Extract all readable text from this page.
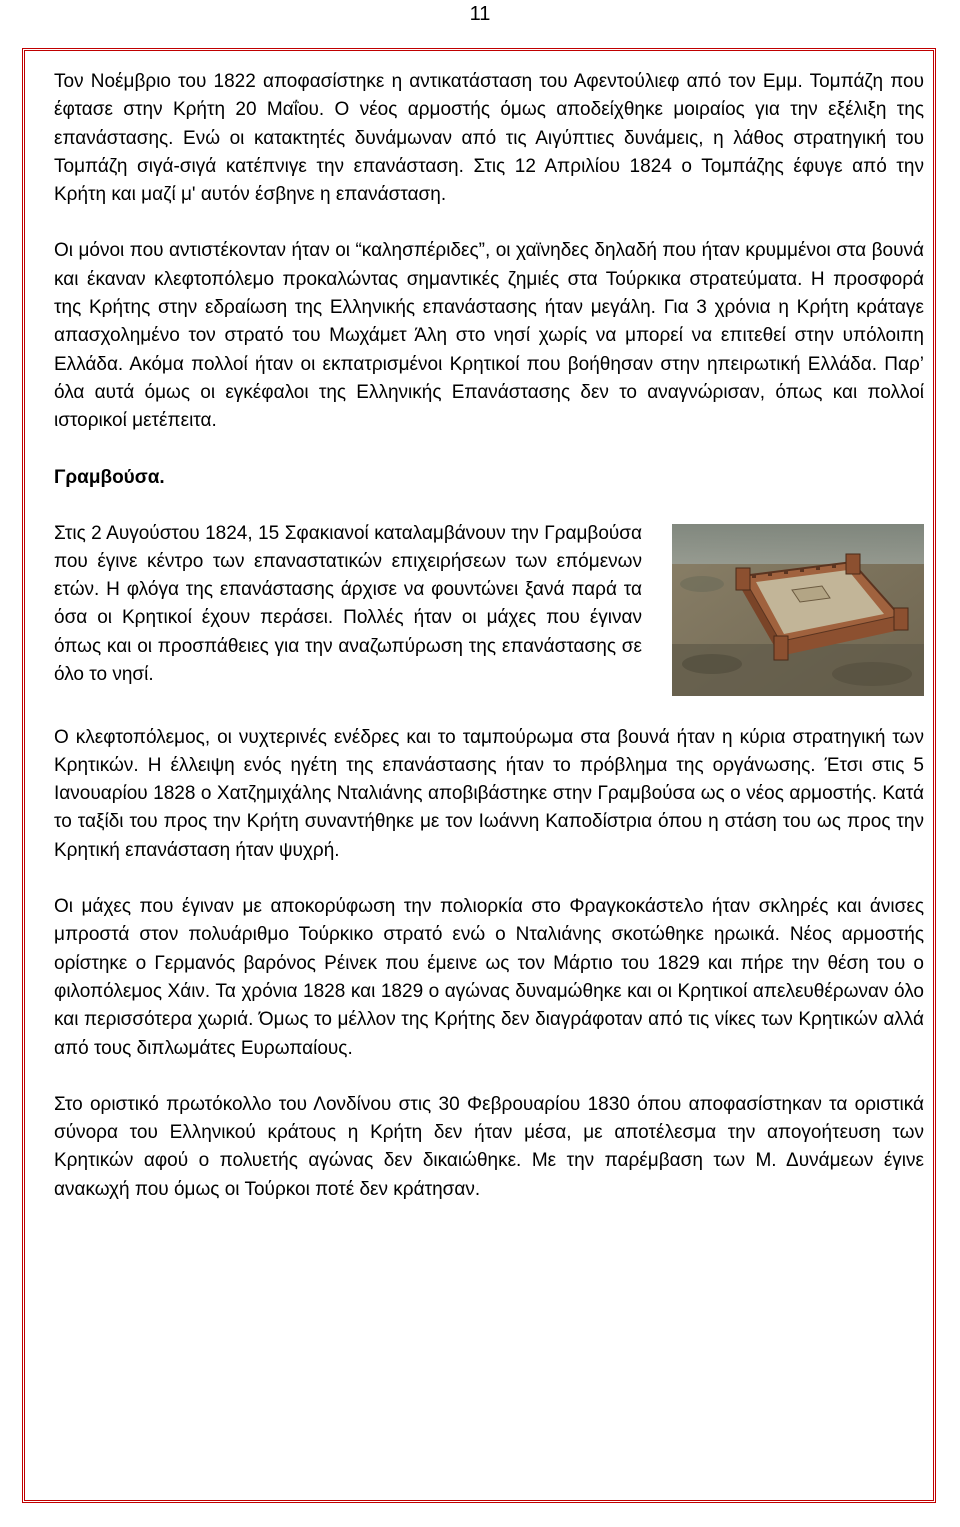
11

Τον Νοέμβριο του 1822 αποφασίστηκε η αντικατάσταση του Αφεντούλιεφ από τον Εμμ. Τομπάζη που έφτασε στην Κρήτη 20 Μαΐου. Ο νέος αρμοστής όμως αποδείχθηκε μοιραίος για την εξέλιξη της επανάστασης. Ενώ οι κατακτητές δυνάμωναν από τις Αιγύπτιες δυνάμεις, η λάθος στρατηγική του Τομπάζη σιγά-σιγά κατέπνιγε την επανάσταση. Στις 12 Απριλίου 1824 ο Τομπάζης έφυγε από την Κρήτη και μαζί μ' αυτόν έσβηνε η επανάσταση.

Οι μόνοι που αντιστέκονταν ήταν οι “καλησπέριδες”, οι χαϊνηδες δηλαδή που ήταν κρυμμένοι στα βουνά και έκαναν κλεφτοπόλεμο προκαλώντας σημαντικές ζημιές στα Τούρκικα στρατεύματα. Η προσφορά της Κρήτης στην εδραίωση της Ελληνικής επανάστασης ήταν μεγάλη. Για 3 χρόνια η Κρήτη κράταγε απασχολημένο τον στρατό του Μωχάμετ Άλη στο νησί χωρίς να μπορεί να επιτεθεί στην υπόλοιπη Ελλάδα. Ακόμα πολλοί ήταν οι εκπατρισμένοι Κρητικοί που βοήθησαν στην ηπειρωτική Ελλάδα. Παρ’ όλα αυτά όμως οι εγκέφαλοι της Ελληνικής Επανάστασης δεν το αναγνώρισαν, όπως και πολλοί ιστορικοί μετέπειτα.

Γραμβούσα.

Στις 2 Αυγούστου 1824, 15 Σφακιανοί καταλαμβάνουν την Γραμβούσα που έγινε κέντρο των επαναστατικών επιχειρήσεων των επόμενων ετών. Η φλόγα της επανάστασης άρχισε να φουντώνει ξανά παρά τα όσα οι Κρητικοί έχουν περάσει. Πολλές ήταν οι μάχες που έγιναν όπως και οι προσπάθειες για την αναζωπύρωση της επανάστασης σε όλο το νησί.

Ο κλεφτοπόλεμος, οι νυχτερινές ενέδρες και το ταμπούρωμα στα βουνά ήταν η κύρια στρατηγική των Κρητικών. Η έλλειψη ενός ηγέτη της επανάστασης ήταν το πρόβλημα της οργάνωσης. Έτσι στις 5 Ιανουαρίου 1828 ο Χατζημιχάλης Νταλιάνης αποβιβάστηκε στην Γραμβούσα ως ο νέος αρμοστής. Κατά το ταξίδι του προς την Κρήτη συναντήθηκε με τον Ιωάννη Καποδίστρια όπου η στάση του ως προς την Κρητική επανάσταση ήταν ψυχρή.

Οι μάχες που έγιναν με αποκορύφωση την πολιορκία στο Φραγκοκάστελο ήταν σκληρές και άνισες μπροστά στον πολυάριθμο Τούρκικο στρατό ενώ ο Νταλιάνης σκοτώθηκε ηρωικά. Νέος αρμοστής ορίστηκε ο Γερμανός βαρόνος Ρέινεκ που έμεινε ως τον Μάρτιο του 1829 και πήρε την θέση του ο φιλοπόλεμος Χάιν. Τα χρόνια 1828 και 1829 ο αγώνας δυναμώθηκε και οι Κρητικοί απελευθέρωναν όλο και περισσότερα χωριά. Όμως το μέλλον της Κρήτης δεν διαγράφοταν από τις νίκες των Κρητικών αλλά από τους διπλωμάτες Ευρωπαίους.

Στο οριστικό πρωτόκολλο του Λονδίνου στις 30 Φεβρουαρίου 1830 όπου αποφασίστηκαν τα οριστικά σύνορα του Ελληνικού κράτους η Κρήτη δεν ήταν μέσα, με αποτέλεσμα την απογοήτευση των Κρητικών αφού ο πολυετής αγώνας δεν δικαιώθηκε. Με την παρέμβαση των Μ. Δυνάμεων έγινε ανακωχή που όμως οι Τούρκοι ποτέ δεν κράτησαν.
